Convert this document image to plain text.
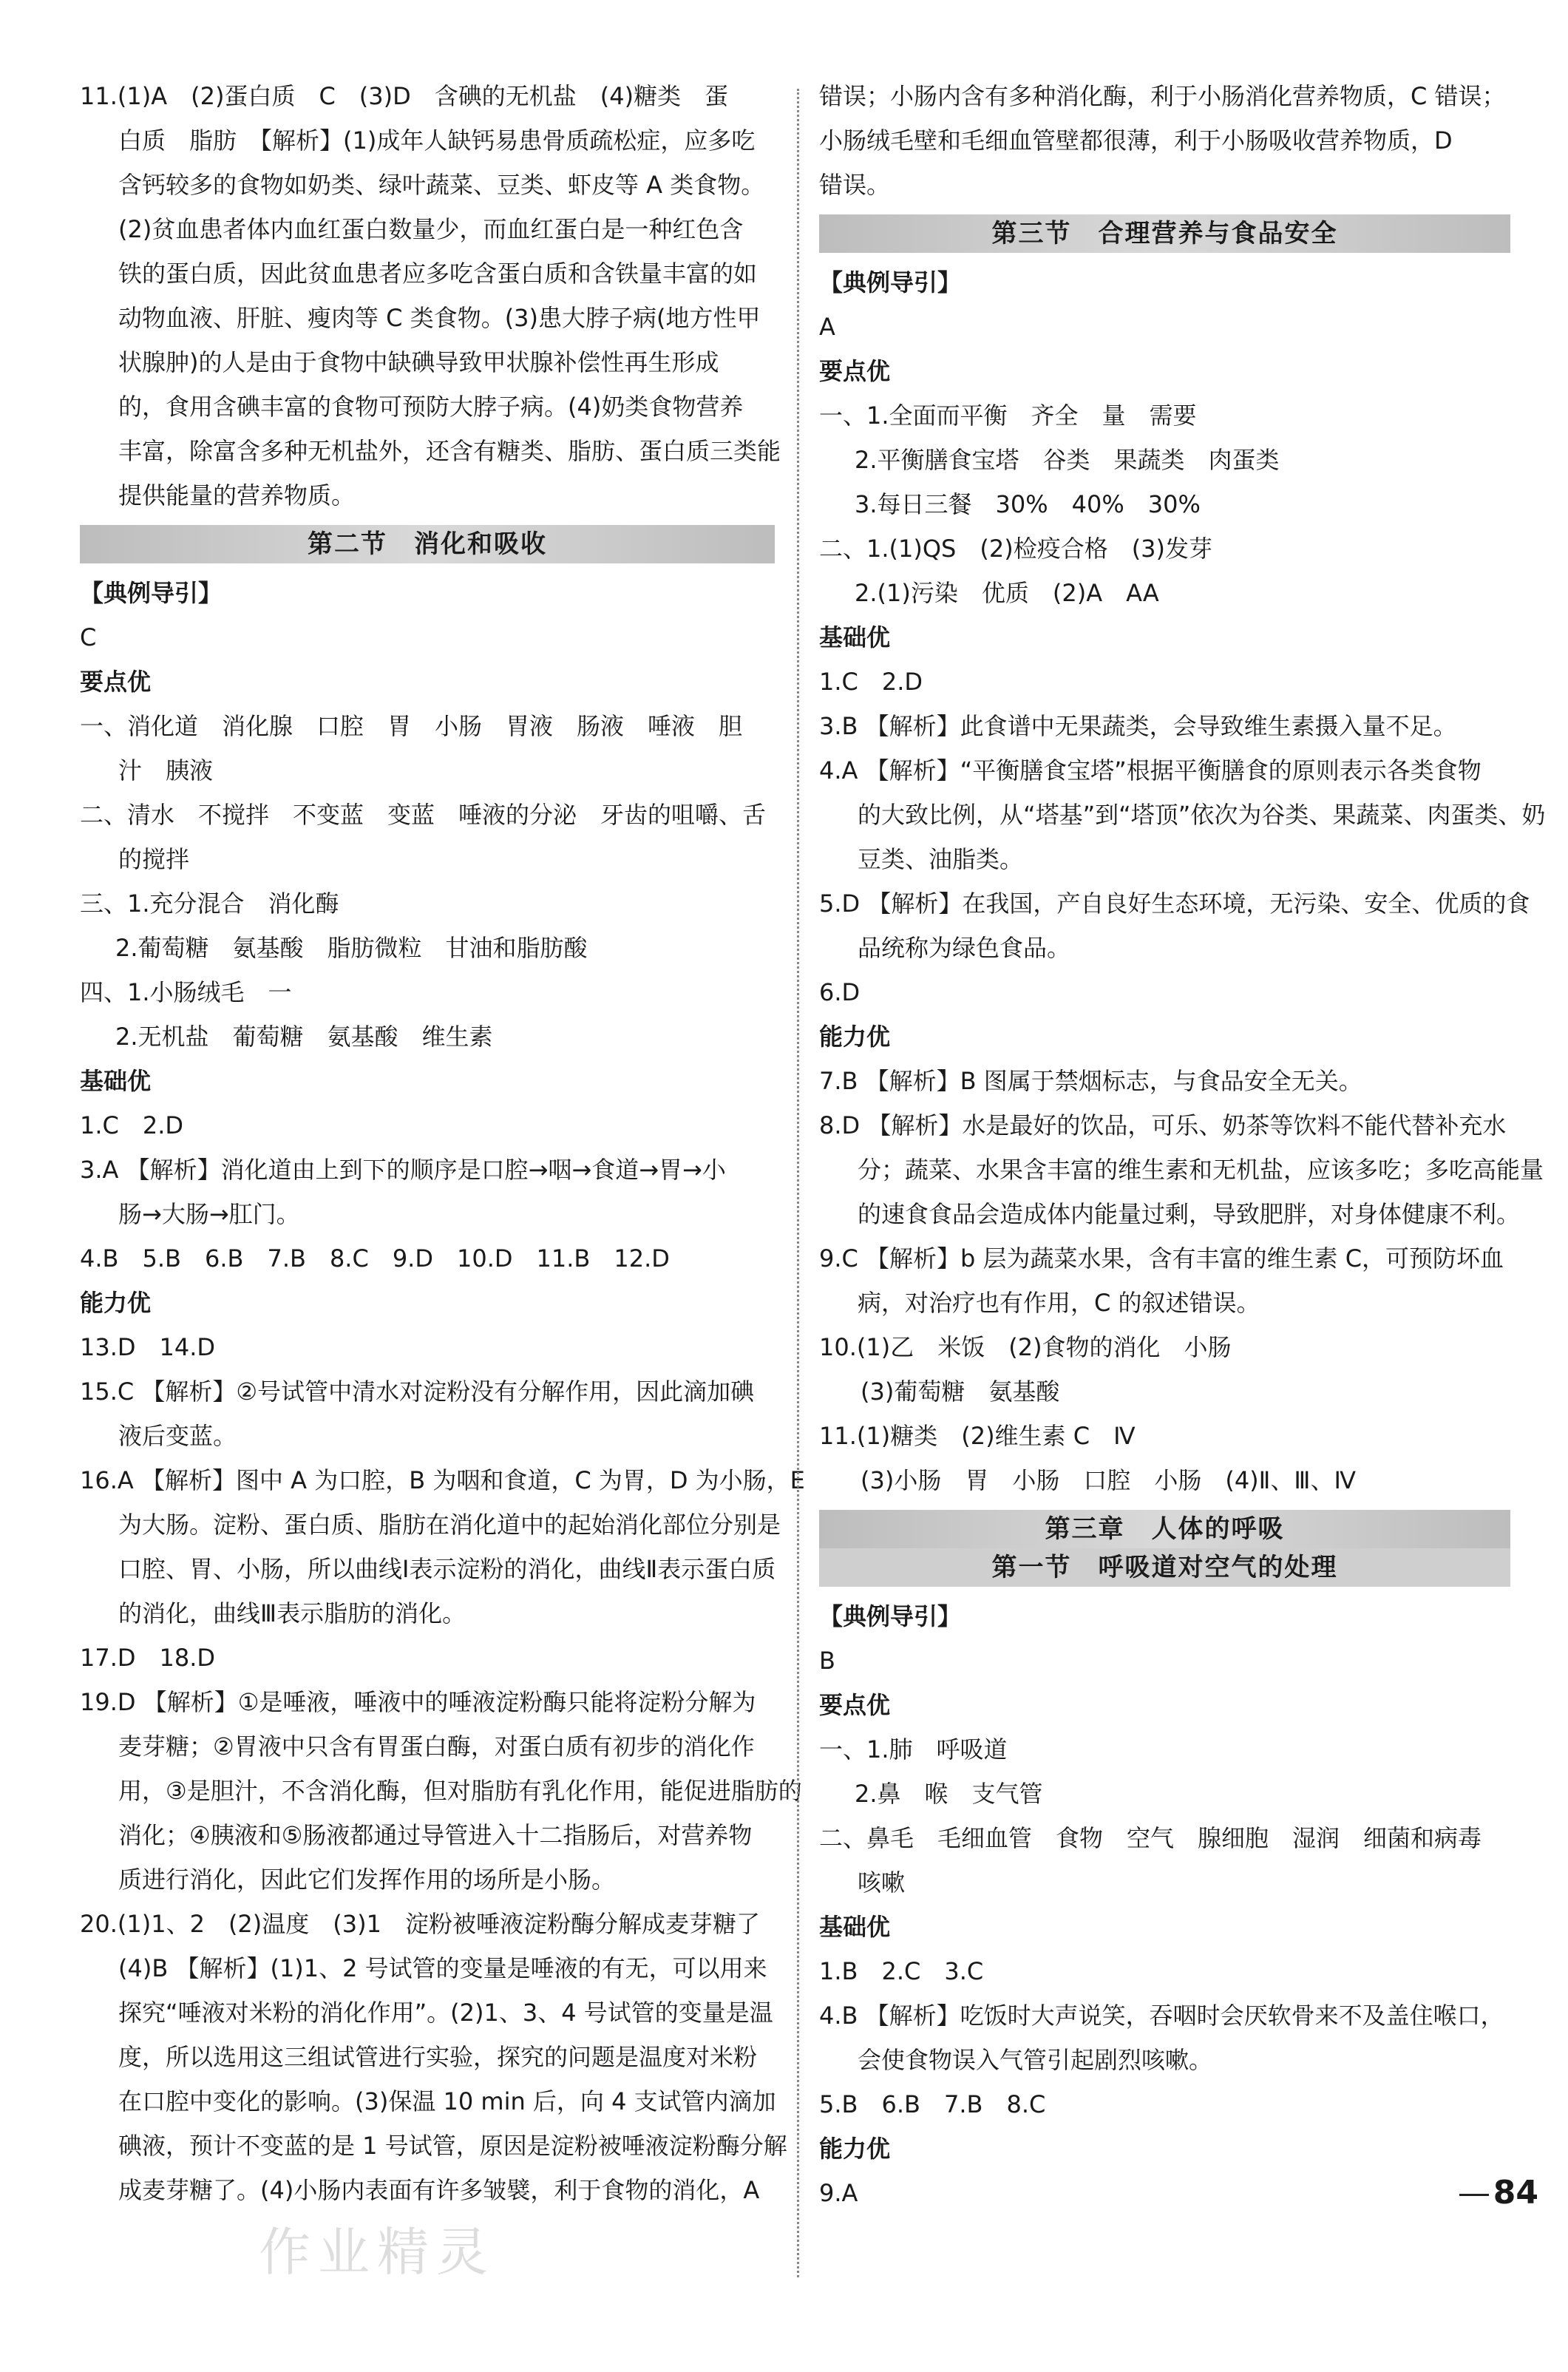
11.(1)A　(2)蛋白质　C　(3)D　含碘的无机盐　(4)糖类　蛋
白质　脂肪　【解析】(1)成年人缺钙易患骨质疏松症，应多吃
含钙较多的食物如奶类、绿叶蔬菜、豆类、虾皮等 A 类食物。
(2)贫血患者体内血红蛋白数量少，而血红蛋白是一种红色含
铁的蛋白质，因此贫血患者应多吃含蛋白质和含铁量丰富的如
动物血液、肝脏、瘦肉等 C 类食物。(3)患大脖子病(地方性甲
状腺肿)的人是由于食物中缺碘导致甲状腺补偿性再生形成
的，食用含碘丰富的食物可预防大脖子病。(4)奶类食物营养
丰富，除富含多种无机盐外，还含有糖类、脂肪、蛋白质三类能
提供能量的营养物质。
第二节　消化和吸收
【典例导引】
C
要点优
一、消化道　消化腺　口腔　胃　小肠　胃液　肠液　唾液　胆
汁　胰液
二、清水　不搅拌　不变蓝　变蓝　唾液的分泌　牙齿的咀嚼、舌
的搅拌
三、1.充分混合　消化酶
2.葡萄糖　氨基酸　脂肪微粒　甘油和脂肪酸
四、1.小肠绒毛　一
2.无机盐　葡萄糖　氨基酸　维生素
基础优
1.C　2.D
3.A 【解析】消化道由上到下的顺序是口腔→咽→食道→胃→小
肠→大肠→肛门。
4.B　5.B　6.B　7.B　8.C　9.D　10.D　11.B　12.D
能力优
13.D　14.D
15.C 【解析】②号试管中清水对淀粉没有分解作用，因此滴加碘
液后变蓝。
16.A 【解析】图中 A 为口腔，B 为咽和食道，C 为胃，D 为小肠，E
为大肠。淀粉、蛋白质、脂肪在消化道中的起始消化部位分别是
口腔、胃、小肠，所以曲线Ⅰ表示淀粉的消化，曲线Ⅱ表示蛋白质
的消化，曲线Ⅲ表示脂肪的消化。
17.D　18.D
19.D 【解析】①是唾液，唾液中的唾液淀粉酶只能将淀粉分解为
麦芽糖；②胃液中只含有胃蛋白酶，对蛋白质有初步的消化作
用，③是胆汁，不含消化酶，但对脂肪有乳化作用，能促进脂肪的
消化；④胰液和⑤肠液都通过导管进入十二指肠后，对营养物
质进行消化，因此它们发挥作用的场所是小肠。
20.(1)1、2　(2)温度　(3)1　淀粉被唾液淀粉酶分解成麦芽糖了
(4)B 【解析】(1)1、2 号试管的变量是唾液的有无，可以用来
探究“唾液对米粉的消化作用”。(2)1、3、4 号试管的变量是温
度，所以选用这三组试管进行实验，探究的问题是温度对米粉
在口腔中变化的影响。(3)保温 10 min 后，向 4 支试管内滴加
碘液，预计不变蓝的是 1 号试管，原因是淀粉被唾液淀粉酶分解
成麦芽糖了。(4)小肠内表面有许多皱襞，利于食物的消化，A
错误；小肠内含有多种消化酶，利于小肠消化营养物质，C 错误；
小肠绒毛壁和毛细血管壁都很薄，利于小肠吸收营养物质，D
错误。
第三节　合理营养与食品安全
【典例导引】
A
要点优
一、1.全面而平衡　齐全　量　需要
2.平衡膳食宝塔　谷类　果蔬类　肉蛋类
3.每日三餐　30%　40%　30%
二、1.(1)QS　(2)检疫合格　(3)发芽
2.(1)污染　优质　(2)A　AA
基础优
1.C　2.D
3.B 【解析】此食谱中无果蔬类，会导致维生素摄入量不足。
4.A 【解析】“平衡膳食宝塔”根据平衡膳食的原则表示各类食物
的大致比例，从“塔基”到“塔顶”依次为谷类、果蔬菜、肉蛋类、奶
豆类、油脂类。
5.D 【解析】在我国，产自良好生态环境，无污染、安全、优质的食
品统称为绿色食品。
6.D
能力优
7.B 【解析】B 图属于禁烟标志，与食品安全无关。
8.D 【解析】水是最好的饮品，可乐、奶茶等饮料不能代替补充水
分；蔬菜、水果含丰富的维生素和无机盐，应该多吃；多吃高能量
的速食食品会造成体内能量过剩，导致肥胖，对身体健康不利。
9.C 【解析】b 层为蔬菜水果，含有丰富的维生素 C，可预防坏血
病，对治疗也有作用，C 的叙述错误。
10.(1)乙　米饭　(2)食物的消化　小肠
(3)葡萄糖　氨基酸
11.(1)糖类　(2)维生素 C　Ⅳ
(3)小肠　胃　小肠　口腔　小肠　(4)Ⅱ、Ⅲ、Ⅳ
第三章　人体的呼吸
第一节　呼吸道对空气的处理
【典例导引】
B
要点优
一、1.肺　呼吸道
2.鼻　喉　支气管
二、鼻毛　毛细血管　食物　空气　腺细胞　湿润　细菌和病毒
咳嗽
基础优
1.B　2.C　3.C
4.B 【解析】吃饭时大声说笑，吞咽时会厌软骨来不及盖住喉口，
会使食物误入气管引起剧烈咳嗽。
5.B　6.B　7.B　8.C
能力优
9.A	84
作业精灵
